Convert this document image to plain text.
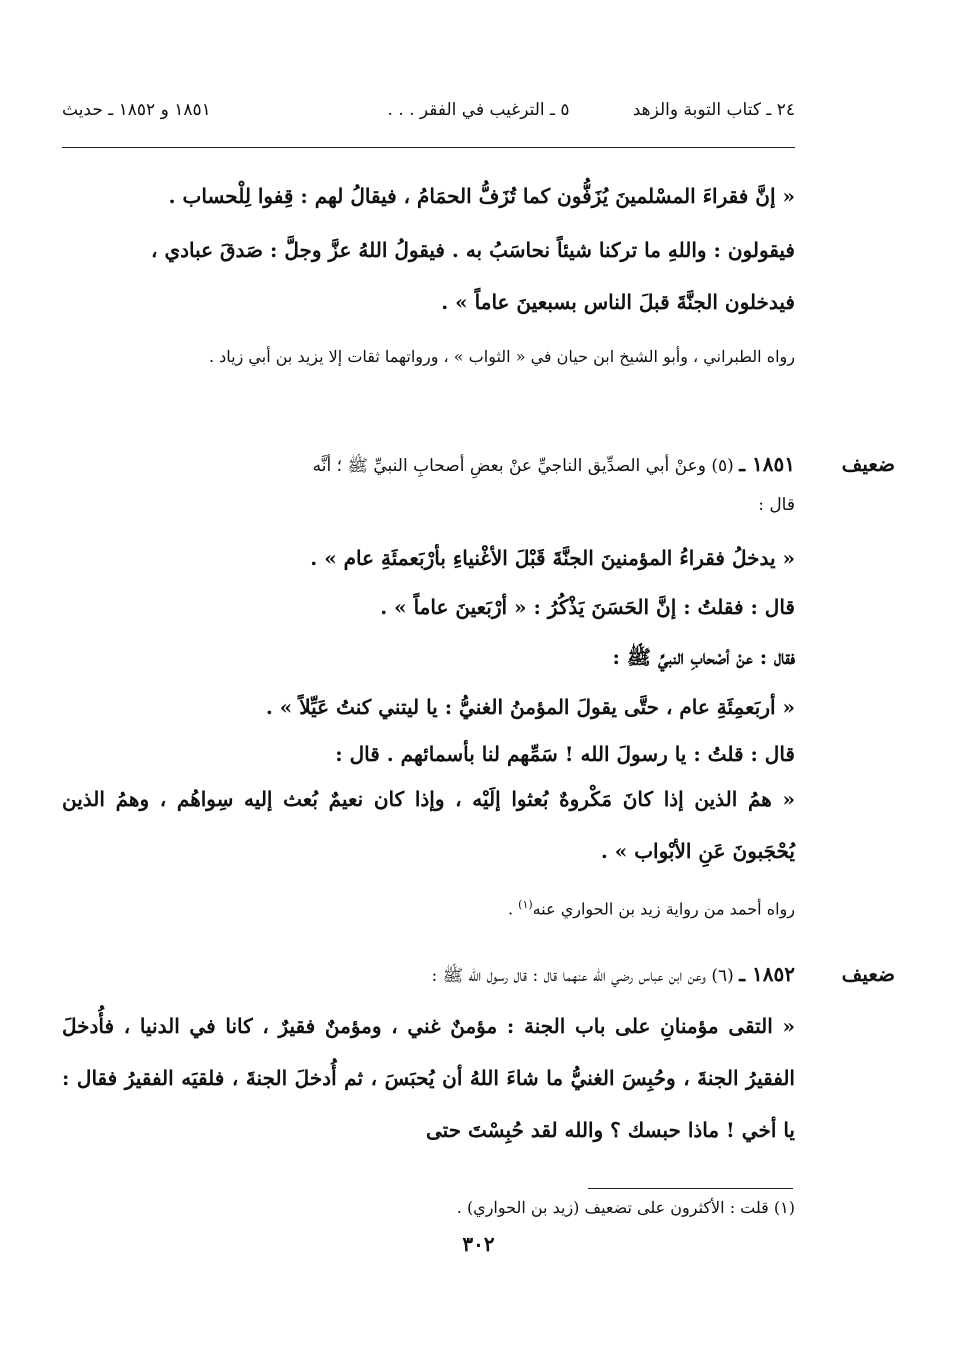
٢٤ ـ كتاب التوبة والزهد
٥ ـ الترغيب في الفقر . . .
١٨٥١ و ١٨٥٢ ـ حديث
« إنَّ فقراءَ المسْلمينَ يُزَفُّون كما تُزَفُّ الحمَامُ ، فيقالُ لهم : قِفوا لِلْحساب .
فيقولون : واللهِ ما تركنا شيئاً نحاسَبُ به . فيقولُ اللهُ عزَّ وجلَّ : صَدقَ عبادي ،
فيدخلون الجنَّةَ قبلَ الناس بسبعينَ عاماً » .
رواه الطبراني ، وأبو الشيخ ابن حيان في « الثواب » ، ورواتهما ثقات إلا يزيد بن أبي زياد .
ضعيف
١٨٥١ ـ (٥) وعنْ أبي الصدِّيق الناجيِّ عنْ بعضِ أصحابِ النبيِّ ﷺ ؛ أنَّه
قال :
« يدخلُ فقراءُ المؤمنينَ الجنَّةَ قَبْلَ الأغْنياءِ بأرْبَعمئَةِ عام » .
قال : فقلتُ : إنَّ الحَسَنَ يَذْكُرُ : « أرْبَعينَ عاماً » .
فقال : عنْ أصْحابِ النبيِّ ﷺ :
« أربَعمِئَةِ عام ، حتَّى يقولَ المؤمنُ الغنيُّ : يا ليتني كنتُ عَيِّلاً » .
قال : قلتُ : يا رسولَ الله ! سَمِّهم لنا بأسمائهم . قال :
« همُ الذين إذا كانَ مَكْروهٌ بُعثوا إلَيْه ، وإذا كان نعيمٌ بُعث إليه سِواهُم ، وهمُ الذين يُحْجَبونَ عَنِ الأبْواب » .
رواه أحمد من رواية زيد بن الحواري عنه$^{(١)}$ .
ضعيف
١٨٥٢ ـ (٦) وعن ابن عباس رضي الله عنهما قال : قال رسول الله ﷺ :
« التقى مؤمنانِ على باب الجنة : مؤمنٌ غني ، ومؤمنٌ فقيرٌ ، كانا في الدنيا ، فأُدخلَ الفقيرُ الجنةَ ، وحُبِسَ الغنيُّ ما شاءَ اللهُ أن يُحبَسَ ، ثم أُدخلَ الجنةَ ، فلقيَه الفقيرُ فقال : يا أخي ! ماذا حبسك ؟ والله لقد حُبِسْتَ حتى
(١) قلت : الأكثرون على تضعيف (زيد بن الحواري) .
٣٠٢
